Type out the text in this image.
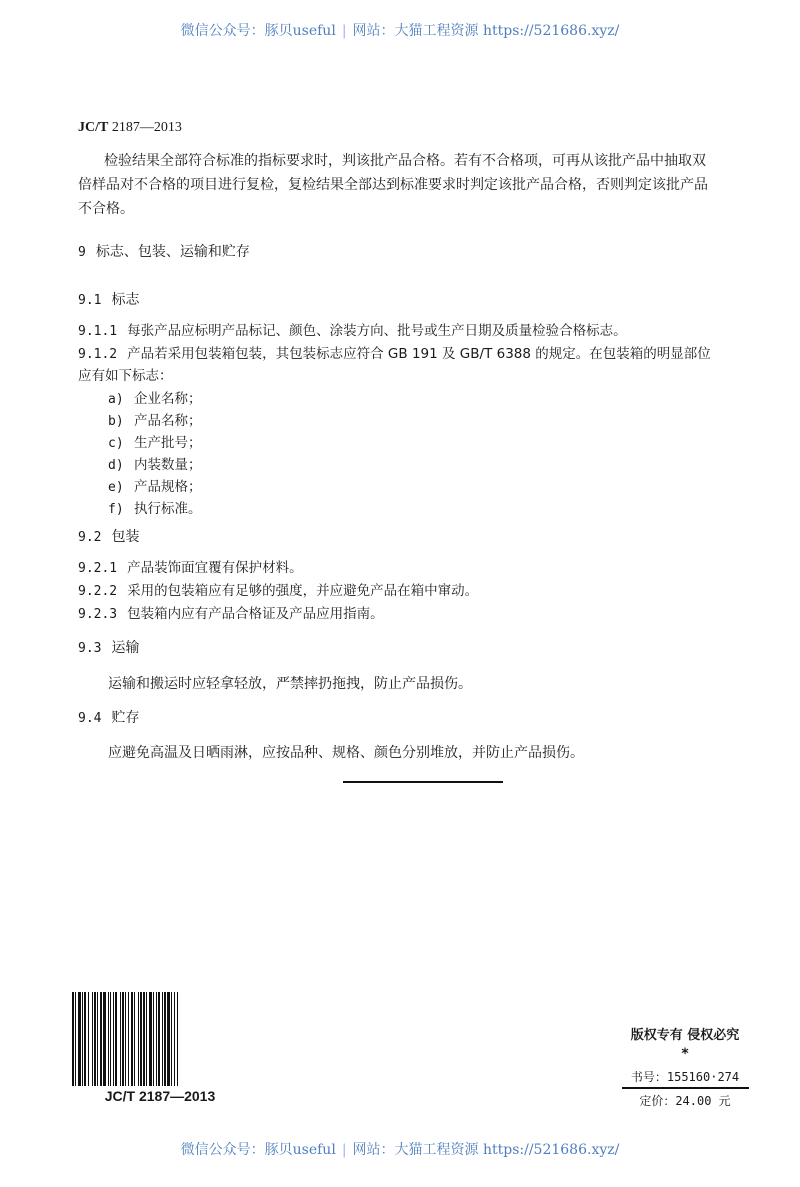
微信公众号：豚贝useful | 网站：大猫工程资源 https://521686.xyz/
JC/T 2187—2013
检验结果全部符合标准的指标要求时，判该批产品合格。若有不合格项，可再从该批产品中抽取双
倍样品对不合格的项目进行复检，复检结果全部达到标准要求时判定该批产品合格，否则判定该批产品
不合格。
9 标志、包装、运输和贮存
9.1 标志
9.1.1 每张产品应标明产品标记、颜色、涂装方向、批号或生产日期及质量检验合格标志。
9.1.2 产品若采用包装箱包装，其包装标志应符合 GB 191 及 GB/T 6388 的规定。在包装箱的明显部位
应有如下标志：
a) 企业名称；
b) 产品名称；
c) 生产批号；
d) 内装数量；
e) 产品规格；
f) 执行标准。
9.2 包装
9.2.1 产品装饰面宜覆有保护材料。
9.2.2 采用的包装箱应有足够的强度，并应避免产品在箱中窜动。
9.2.3 包装箱内应有产品合格证及产品应用指南。
9.3 运输
运输和搬运时应轻拿轻放，严禁摔扔拖拽，防止产品损伤。
9.4 贮存
应避免高温及日晒雨淋，应按品种、规格、颜色分别堆放，并防止产品损伤。
JC/T 2187—2013
版权专有 侵权必究
*
书号：155160·274
定价：24.00 元
微信公众号：豚贝useful | 网站：大猫工程资源 https://521686.xyz/
